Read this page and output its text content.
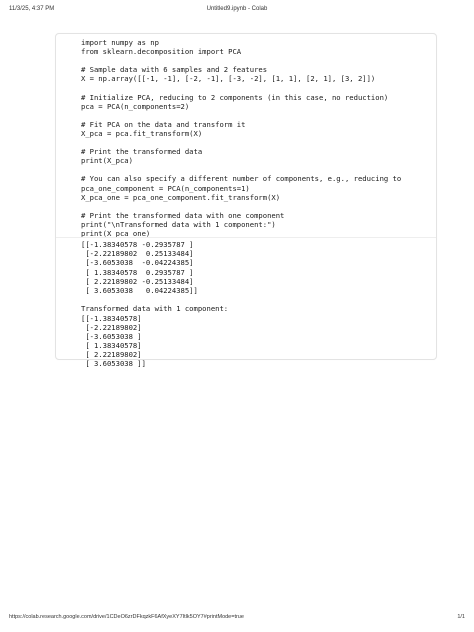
11/3/25, 4:37 PM	Untitled9.ipynb - Colab
import numpy as np
from sklearn.decomposition import PCA
# Sample data with 6 samples and 2 features
X = np.array([[-1, -1], [-2, -1], [-3, -2], [1, 1], [2, 1], [3, 2]])
# Initialize PCA, reducing to 2 components (in this case, no reduction)
pca = PCA(n_components=2)
# Fit PCA on the data and transform it
X_pca = pca.fit_transform(X)
# Print the transformed data
print(X_pca)
# You can also specify a different number of components, e.g., reducing to
pca_one_component = PCA(n_components=1)
X_pca_one = pca_one_component.fit_transform(X)
# Print the transformed data with one component
print("\nTransformed data with 1 component:")
print(X_pca_one)
[[-1.38340578 -0.2935787 ]
[-2.22189802  0.25133484]
[-3.6053038  -0.04224385]
[ 1.38340578  0.2935787 ]
[ 2.22189802 -0.25133484]
[ 3.6053038   0.04224385]]
Transformed data with 1 component:
[[-1.38340578]
[-2.22189802]
[-3.6053038 ]
[ 1.38340578]
[ 2.22189802]
[ 3.6053038 ]]
https://colab.research.google.com/drive/1CDeO6zrDFkqzkF6AfXyeXY7Itlk5OY7#printMode=true	1/1
